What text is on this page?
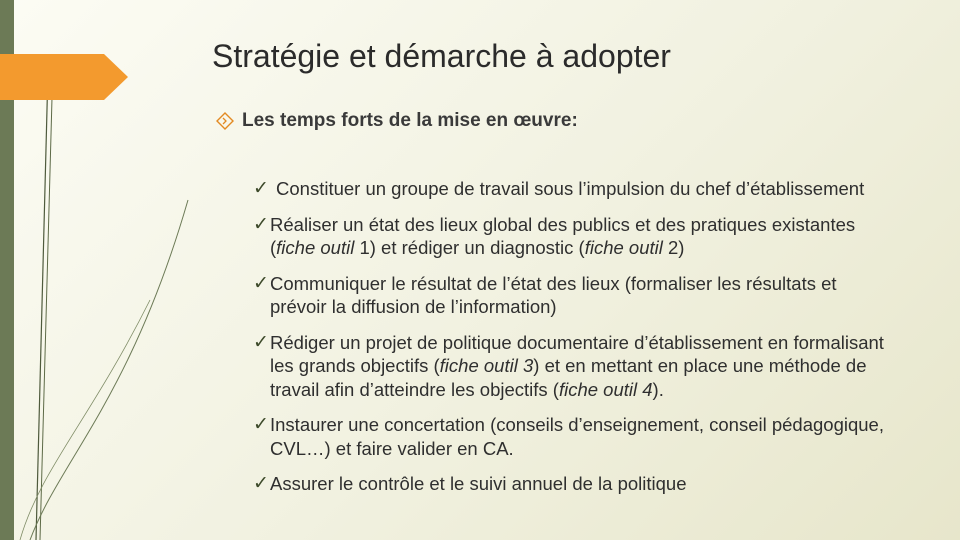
Stratégie et démarche à adopter
Les temps forts de la mise en œuvre:
✓ Constituer un groupe de travail sous l’impulsion du chef d’établissement
✓ Réaliser un état des lieux global des publics et des pratiques existantes (fiche outil 1) et rédiger un diagnostic (fiche outil 2)
✓ Communiquer le résultat de l’état des lieux (formaliser les résultats et prévoir la diffusion de l’information)
✓ Rédiger un projet de politique documentaire d’établissement en formalisant les grands objectifs (fiche outil 3) et en mettant en place une méthode de travail afin d’atteindre les objectifs (fiche outil 4).
✓ Instaurer une concertation (conseils d’enseignement, conseil pédagogique, CVL…) et faire valider en CA.
✓ Assurer le contrôle et le suivi annuel de la politique
